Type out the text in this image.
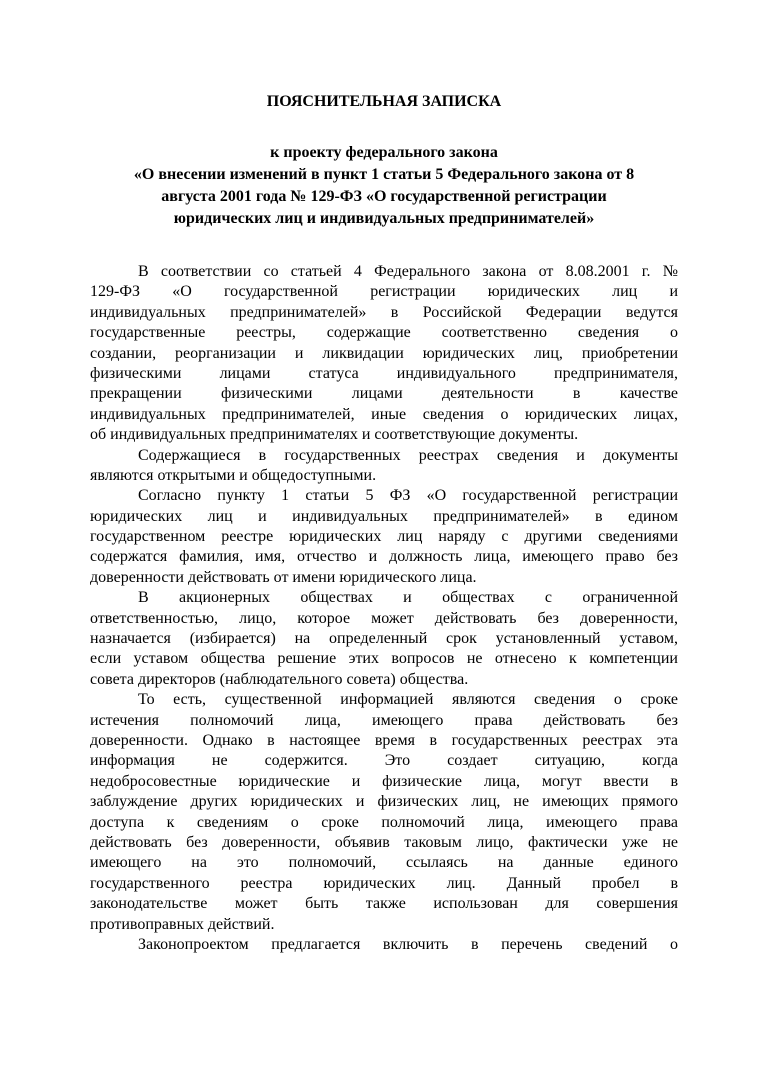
ПОЯСНИТЕЛЬНАЯ ЗАПИСКА
к проекту федерального закона
«О внесении изменений в пункт 1 статьи 5 Федерального закона от 8
августа 2001 года № 129-ФЗ «О государственной регистрации
юридических лиц и индивидуальных предпринимателей»
В соответствии со статьей 4 Федерального закона от 8.08.2001 г. №
129-ФЗ «О государственной регистрации юридических лиц и
индивидуальных предпринимателей» в Российской Федерации ведутся
государственные реестры, содержащие соответственно сведения о
создании, реорганизации и ликвидации юридических лиц, приобретении
физическими лицами статуса индивидуального предпринимателя,
прекращении физическими лицами деятельности в качестве
индивидуальных предпринимателей, иные сведения о юридических лицах,
об индивидуальных предпринимателях и соответствующие документы.
Содержащиеся в государственных реестрах сведения и документы
являются открытыми и общедоступными.
Согласно пункту 1 статьи 5 ФЗ «О государственной регистрации
юридических лиц и индивидуальных предпринимателей» в едином
государственном реестре юридических лиц наряду с другими сведениями
содержатся фамилия, имя, отчество и должность лица, имеющего право без
доверенности действовать от имени юридического лица.
В акционерных обществах и обществах с ограниченной
ответственностью, лицо, которое может действовать без доверенности,
назначается (избирается) на определенный срок установленный уставом,
если уставом общества решение этих вопросов не отнесено к компетенции
совета директоров (наблюдательного совета) общества.
То есть, существенной информацией являются сведения о сроке
истечения полномочий лица, имеющего права действовать без
доверенности. Однако в настоящее время в государственных реестрах эта
информация не содержится. Это создает ситуацию, когда
недобросовестные юридические и физические лица, могут ввести в
заблуждение других юридических и физических лиц, не имеющих прямого
доступа к сведениям о сроке полномочий лица, имеющего права
действовать без доверенности, объявив таковым лицо, фактически уже не
имеющего на это полномочий, ссылаясь на данные единого
государственного реестра юридических лиц. Данный пробел в
законодательстве может быть также использован для совершения
противоправных действий.
Законопроектом предлагается включить в перечень сведений о
